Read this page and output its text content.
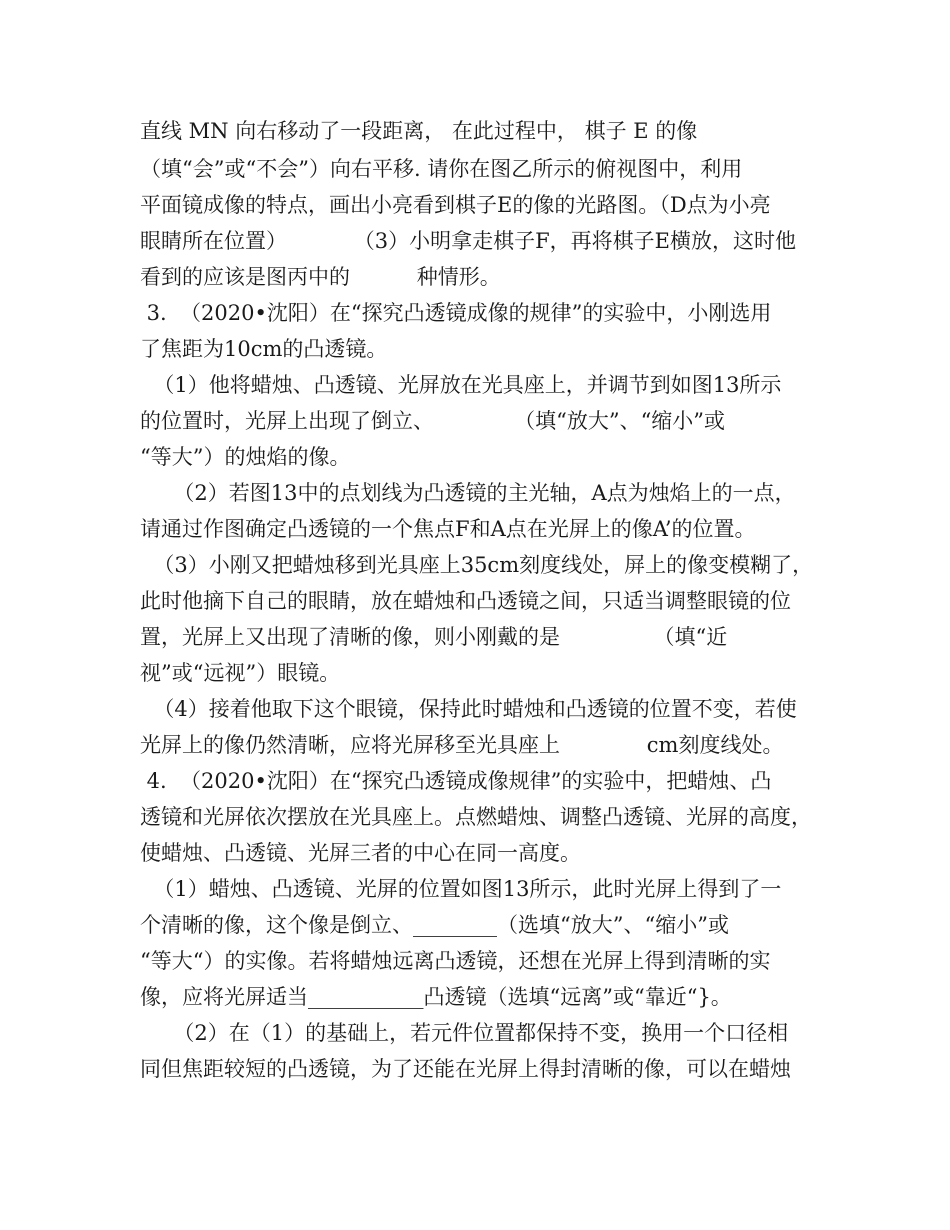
直线 MN 向右移动了一段距离， 在此过程中， 棋子 E 的像
（填“会”或“不会”）向右平移. 请你在图乙所示的俯视图中，利用
平面镜成像的特点，画出小亮看到棋子E的像的光路图。（D点为小亮
眼睛所在位置）          （3）小明拿走棋子F，再将棋子E横放，这时他
看到的应该是图丙中的          种情形。
3.  （2020•沈阳）在“探究凸透镜成像的规律”的实验中，小刚选用
了焦距为10cm的凸透镜。
（1）他将蜡烛、凸透镜、光屏放在光具座上，并调节到如图13所示
的位置时，光屏上出现了倒立、            （填“放大”、“缩小”或
“等大”）的烛焰的像。
（2）若图13中的点划线为凸透镜的主光轴，A点为烛焰上的一点，
请通过作图确定凸透镜的一个焦点F和A点在光屏上的像A’的位置。
（3）小刚又把蜡烛移到光具座上35cm刻度线处，屏上的像变模糊了，
此时他摘下自己的眼睛，放在蜡烛和凸透镜之间，只适当调整眼镜的位
置，光屏上又出现了清晰的像，则小刚戴的是              （填“近
视”或“远视”）眼镜。
（4）接着他取下这个眼镜，保持此时蜡烛和凸透镜的位置不变，若使
光屏上的像仍然清晰，应将光屏移至光具座上             cm刻度线处。
4.  （2020•沈阳）在“探究凸透镜成像规律”的实验中，把蜡烛、凸
透镜和光屏依次摆放在光具座上。点燃蜡烛、调整凸透镜、光屏的高度，
使蜡烛、凸透镜、光屏三者的中心在同一高度。
（1）蜡烛、凸透镜、光屏的位置如图13所示，此时光屏上得到了一
个清晰的像，这个像是倒立、________（选填“放大”、“缩小”或
“等大“）的实像。若将蜡烛远离凸透镜，还想在光屏上得到清晰的实
像，应将光屏适当___________凸透镜（选填“远离”或“靠近“}。
（2）在（1）的基础上，若元件位置都保持不变，换用一个口径相
同但焦距较短的凸透镜，为了还能在光屏上得封清晰的像，可以在蜡烛
